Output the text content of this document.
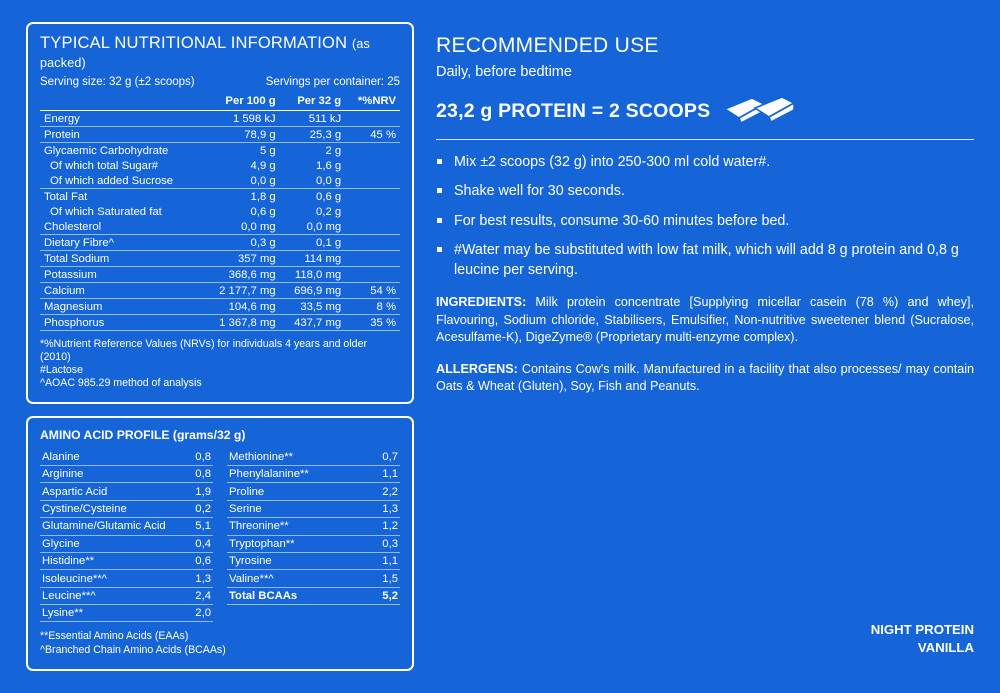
TYPICAL NUTRITIONAL INFORMATION (as packed)
Serving size: 32 g (±2 scoops)	Servings per container: 25
	Per 100 g	Per 32 g	*%NRV
Energy	1 598 kJ	511 kJ	
Protein	78,9 g	25,3 g	45 %
Glycaemic Carbohydrate	5 g	2 g	
Of which total Sugar#	4,9 g	1,6 g	
Of which added Sucrose	0,0 g	0,0 g	
Total Fat	1,8 g	0,6 g	
Of which Saturated fat	0,6 g	0,2 g	
Cholesterol	0,0 mg	0,0 mg	
Dietary Fibre^	0,3 g	0,1 g	
Total Sodium	357 mg	114 mg	
Potassium	368,6 mg	118,0 mg	
Calcium	2 177,7 mg	696,9 mg	54 %
Magnesium	104,6 mg	33,5 mg	8 %
Phosphorus	1 367,8 mg	437,7 mg	35 %
*%Nutrient Reference Values (NRVs) for individuals 4 years and older (2010)
#Lactose
^AOAC 985.29 method of analysis
AMINO ACID PROFILE (grams/32 g)
Alanine	0,8
Arginine	0,8
Aspartic Acid	1,9
Cystine/Cysteine	0,2
Glutamine/Glutamic Acid	5,1
Glycine	0,4
Histidine**	0,6
Isoleucine**^	1,3
Leucine**^	2,4
Lysine**	2,0
Methionine**	0,7
Phenylalanine**	1,1
Proline	2,2
Serine	1,3
Threonine**	1,2
Tryptophan**	0,3
Tyrosine	1,1
Valine**^	1,5
Total BCAAs	5,2
**Essential Amino Acids (EAAs)
^Branched Chain Amino Acids (BCAAs)
RECOMMENDED USE
Daily, before bedtime
23,2 g PROTEIN = 2 SCOOPS
Mix ±2 scoops (32 g) into 250-300 ml cold water#.
Shake well for 30 seconds.
For best results, consume 30-60 minutes before bed.
#Water may be substituted with low fat milk, which will add 8 g protein and 0,8 g leucine per serving.
INGREDIENTS: Milk protein concentrate [Supplying micellar casein (78 %) and whey], Flavouring, Sodium chloride, Stabilisers, Emulsifier, Non-nutritive sweetener blend (Sucralose, Acesulfame-K), DigeZyme® (Proprietary multi-enzyme complex).
ALLERGENS: Contains Cow's milk. Manufactured in a facility that also processes/ may contain Oats & Wheat (Gluten), Soy, Fish and Peanuts.
NIGHT PROTEIN
VANILLA
